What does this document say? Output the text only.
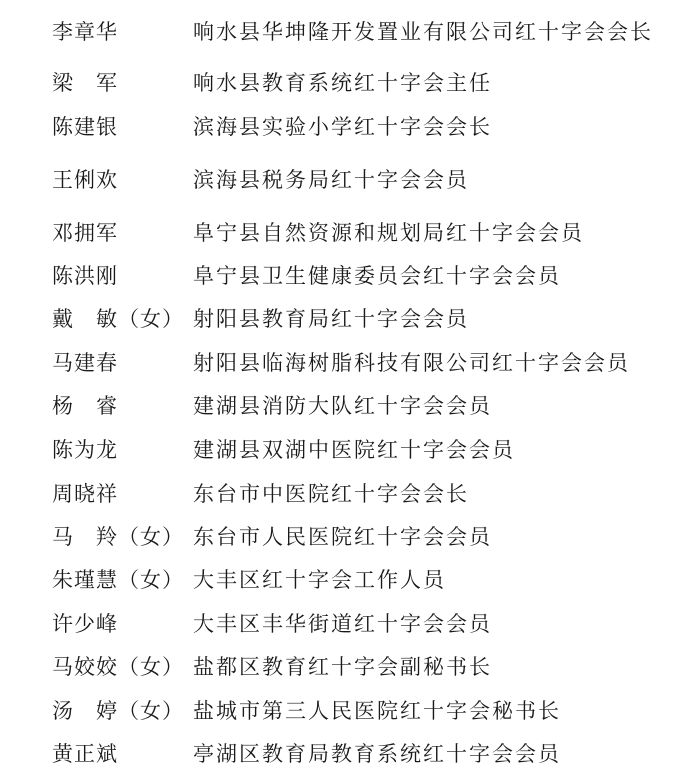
李章华	响水县华坤隆开发置业有限公司红十字会会长
梁　军	响水县教育系统红十字会主任
陈建银	滨海县实验小学红十字会会长
王俐欢	滨海县税务局红十字会会员
邓拥军	阜宁县自然资源和规划局红十字会会员
陈洪刚	阜宁县卫生健康委员会红十字会会员
戴　敏（女） 射阳县教育局红十字会会员
马建春	射阳县临海树脂科技有限公司红十字会会员
杨　睿	建湖县消防大队红十字会会员
陈为龙	建湖县双湖中医院红十字会会员
周晓祥	东台市中医院红十字会会长
马　羚（女） 东台市人民医院红十字会会员
朱瑾慧（女） 大丰区红十字会工作人员
许少峰	大丰区丰华街道红十字会会员
马姣姣（女） 盐都区教育红十字会副秘书长
汤　婷（女） 盐城市第三人民医院红十字会秘书长
黄正斌	亭湖区教育局教育系统红十字会会员
